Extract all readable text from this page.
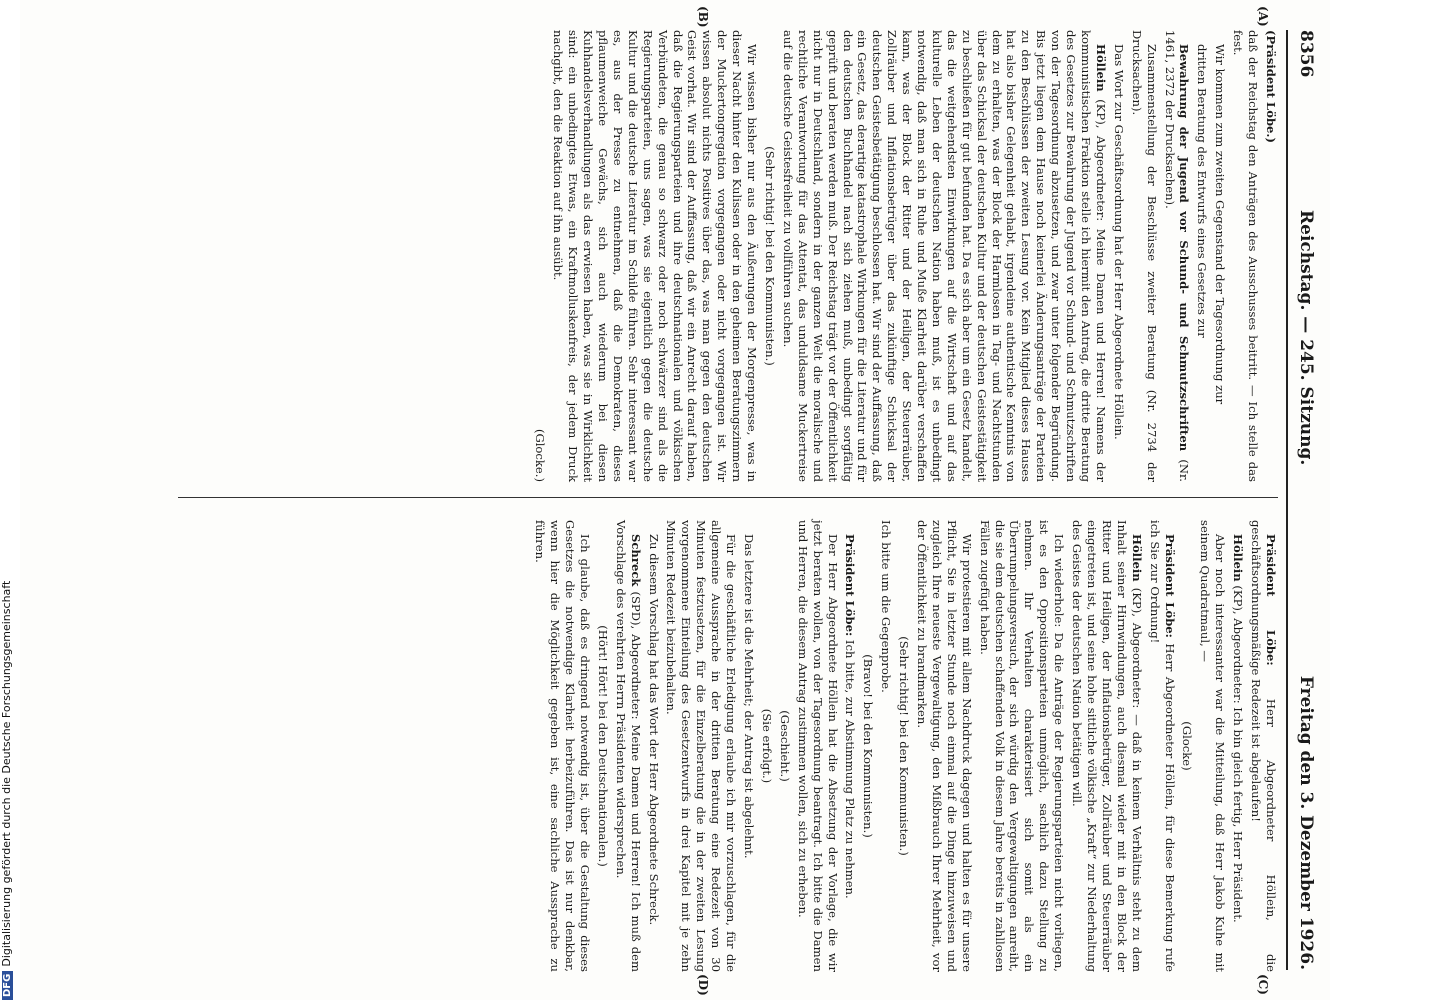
8356
Reichstag. — 245. Sitzung.
Freitag den 3. Dezember 1926.
(A)
(B)
(C)
(D)

(Präsident Löbe.)

daß der Reichstag den Anträgen des Ausschusses beitritt. — Ich stelle das fest.

Wir kommen zum zweiten Gegenstand der Tagesordnung zur

dritten Beratung des Entwurfs eines Gesetzes zur

Bewahrung der Jugend vor Schund- und Schmutzschriften (Nr. 1461, 2372 der Drucksachen).

Zusammenstellung der Beschlüsse zweiter Beratung (Nr. 2734 der Drucksachen).

Das Wort zur Geschäftsordnung hat der Herr Abgeordnete Höllein.

Höllein (KP), Abgeordneter: Meine Damen und Herren! Namens der kommunistischen Fraktion stelle ich hiermit den Antrag, die dritte Beratung des Gesetzes zur Bewahrung der Jugend vor Schund- und Schmutzschriften von der Tagesordnung abzusetzen, und zwar unter folgender Begründung. Bis jetzt liegen dem Hause noch keinerlei Änderungsanträge der Parteien zu den Beschlüssen der zweiten Lesung vor. Kein Mitglied dieses Hauses hat also bisher Gelegenheit gehabt, irgendeine authentische Kenntnis von dem zu erhalten, was der Block der Harmlosen in Tag- und Nachtstunden über das Schicksal der deutschen Kultur und der deutschen Geistestätigkeit zu beschließen für gut befunden hat. Da es sich aber um ein Gesetz handelt, das die weitgehendsten Einwirkungen auf die Wirtschaft und auf das kulturelle Leben der deutschen Nation haben muß, ist es unbedingt notwendig, daß man sich in Ruhe und Muße Klarheit darüber verschaffen kann, was der Block der Ritter und der Heiligen, der Steuerräuber, Zollräuber und Inflationsbetrüger über das zukünftige Schicksal der deutschen Geistesbetätigung beschlossen hat. Wir sind der Auffassung, daß ein Gesetz, das derartige katastrophale Wirkungen für die Literatur und für den deutschen Buchhandel nach sich ziehen muß, unbedingt sorgfältig geprüft und beraten werden muß. Der Reichstag trägt vor der Öffentlichkeit nicht nur in Deutschland, sondern in der ganzen Welt die moralische und rechtliche Verantwortung für das Attentat, das unduldsame Muckertreise auf die deutsche Geistesfreiheit zu vollführen suchen.

(Sehr richtig! bei den Kommunisten.)

Wir wissen bisher nur aus den Äußerungen der Morgenpresse, was in dieser Nacht hinter den Kulissen oder in den geheimen Beratungszimmern der Muckertongregation vorgegangen oder nicht vorgegangen ist. Wir wissen absolut nichts Positives über das, was man gegen den deutschen Geist vorhat. Wir sind der Auffassung, daß wir ein Anrecht darauf haben, daß die Regierungsparteien und ihre deutschnationalen und völkischen Verbündeten, die genau so schwarz oder noch schwärzer sind als die Regierungsparteien, uns sagen, was sie eigentlich gegen die deutsche Kultur und die deutsche Literatur im Schilde führen. Sehr interessant war es, aus der Presse zu entnehmen, daß die Demokraten, dieses pflaumenweiche Gewächs, sich auch wiederum bei diesen Kuhhandelsverhandlungen als das erwiesen haben, was sie in Wirklichkeit sind: ein unbedingtes Etwas, ein Kraftmolluskenfreis, der jedem Druck nachgibt, den die Reaktion auf ihn ausübt.

(Glocke.)

Präsident Löbe: Herr Abgeordneter Höllein, die geschäftsordnungsmäßige Redezeit ist abgelaufen!

Höllein (KP), Abgeordneter: Ich bin gleich fertig, Herr Präsident.

Aber noch interessanter war die Mitteilung, daß Herr Jakob Kuhe mit seinem Quadratmaul, —

(Glocke)

Präsident Löbe: Herr Abgeordneter Höllein, für diese Bemerkung rufe ich Sie zur Ordnung!

Höllein (KP), Abgeordneter: — daß in keinem Verhältnis steht zu dem Inhalt seiner Hirnwindungen, auch diesmal wieder mit in den Block der Ritter und Heiligen, der Inflationsbetrüger, Zollräuber und Steuerräuber eingetreten ist, und seine hohe sittliche völkische „Kraft“ zur Niederhaltung des Geistes der deutschen Nation betätigen will.

Ich wiederhole: Da die Anträge der Regierungsparteien nicht vorliegen, ist es den Oppositionsparteien unmöglich, sachlich dazu Stellung zu nehmen. Ihr Verhalten charakterisiert sich somit als ein Überrumpelungsversuch, der sich würdig den Vergewaltigungen anreiht, die sie dem deutschen schaffenden Volk in diesem Jahre bereits in zahllosen Fällen zugefügt haben.

Wir protestieren mit allem Nachdruck dagegen und halten es für unsere Pflicht, Sie in letzter Stunde noch einmal auf die Dinge hinzuweisen und zugleich Ihre neueste Vergewaltigung, den Mißbrauch Ihrer Mehrheit, vor der Öffentlichkeit zu brandmarken.

(Sehr richtig! bei den Kommunisten.)

Ich bitte um die Gegenprobe.

(Bravo! bei den Kommunisten.)

Präsident Löbe: Ich bitte, zur Abstimmung Platz zu nehmen.

Der Herr Abgeordnete Höllein hat die Absetzung der Vorlage, die wir jetzt beraten wollen, von der Tagesordnung beantragt. Ich bitte die Damen und Herren, die diesem Antrag zustimmen wollen, sich zu erheben.

(Geschieht.)

(Sie erfolgt.)

Das letztere ist die Mehrheit; der Antrag ist abgelehnt.

Für die geschäftliche Erledigung erlaube ich mir vorzuschlagen, für die allgemeine Aussprache in der dritten Beratung eine Redezeit von 30 Minuten festzusetzen, für die Einzelberatung die in der zweiten Lesung vorgenommene Einteilung des Gesetzentwurfs in drei Kapitel mit je zehn Minuten Redezeit beizubehalten.

Zu diesem Vorschlag hat das Wort der Herr Abgeordnete Schreck.

Schreck (SPD), Abgeordneter: Meine Damen und Herren! Ich muß dem Vorschlage des verehrten Herrn Präsidenten widersprechen.

(Hört! Hört! bei den Deutschnationalen.)

Ich glaube, daß es dringend notwendig ist, über die Gestaltung dieses Gesetzes die notwendige Klarheit herbeizuführen. Das ist nur denkbar, wenn hier die Möglichkeit gegeben ist, eine sachliche Aussprache zu führen.

DFGDigitalisierung gefördert durch die Deutsche Forschungsgemeinschaft
